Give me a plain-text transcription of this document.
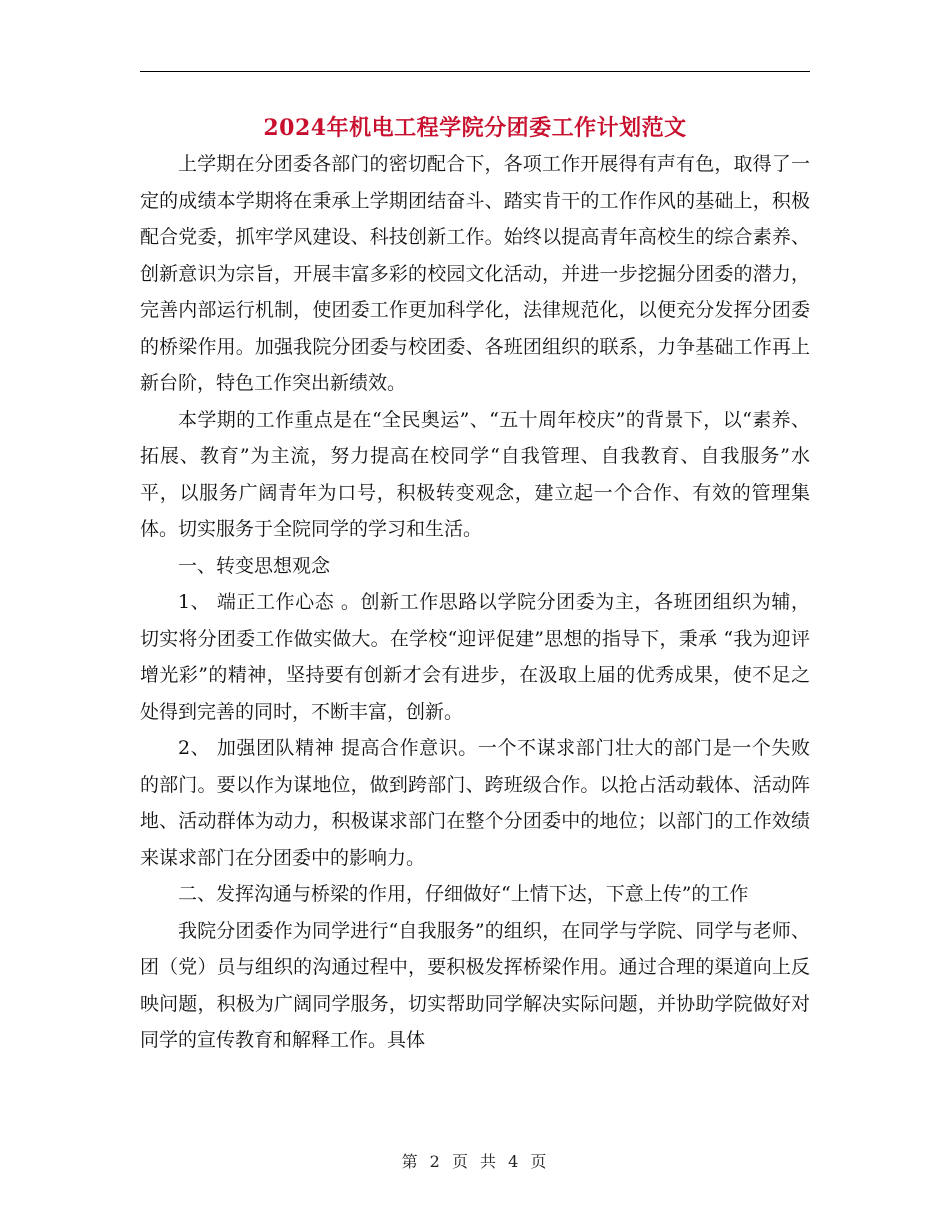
2024年机电工程学院分团委工作计划范文

上学期在分团委各部门的密切配合下，各项工作开展得有声有色，取得了一定的成绩本学期将在秉承上学期团结奋斗、踏实肯干的工作作风的基础上，积极配合党委，抓牢学风建设、科技创新工作。始终以提高青年高校生的综合素养、创新意识为宗旨，开展丰富多彩的校园文化活动，并进一步挖掘分团委的潜力，完善内部运行机制，使团委工作更加科学化，法律规范化，以便充分发挥分团委的桥梁作用。加强我院分团委与校团委、各班团组织的联系，力争基础工作再上新台阶，特色工作突出新绩效。

本学期的工作重点是在“全民奥运”、“五十周年校庆”的背景下，以“素养、拓展、教育”为主流，努力提高在校同学“自我管理、自我教育、自我服务”水平，以服务广阔青年为口号，积极转变观念，建立起一个合作、有效的管理集体。切实服务于全院同学的学习和生活。

一、转变思想观念

1、 端正工作心态 。创新工作思路以学院分团委为主，各班团组织为辅，切实将分团委工作做实做大。在学校“迎评促建”思想的指导下，秉承 “我为迎评增光彩”的精神，坚持要有创新才会有进步，在汲取上届的优秀成果，使不足之处得到完善的同时，不断丰富，创新。

2、 加强团队精神 提高合作意识。一个不谋求部门壮大的部门是一个失败的部门。要以作为谋地位，做到跨部门、跨班级合作。以抢占活动载体、活动阵地、活动群体为动力，积极谋求部门在整个分团委中的地位；以部门的工作效绩来谋求部门在分团委中的影响力。

二、发挥沟通与桥梁的作用，仔细做好“上情下达，下意上传”的工作

我院分团委作为同学进行“自我服务”的组织，在同学与学院、同学与老师、团（党）员与组织的沟通过程中，要积极发挥桥梁作用。通过合理的渠道向上反映问题，积极为广阔同学服务，切实帮助同学解决实际问题，并协助学院做好对同学的宣传教育和解释工作。具体

第 2 页 共 4 页
